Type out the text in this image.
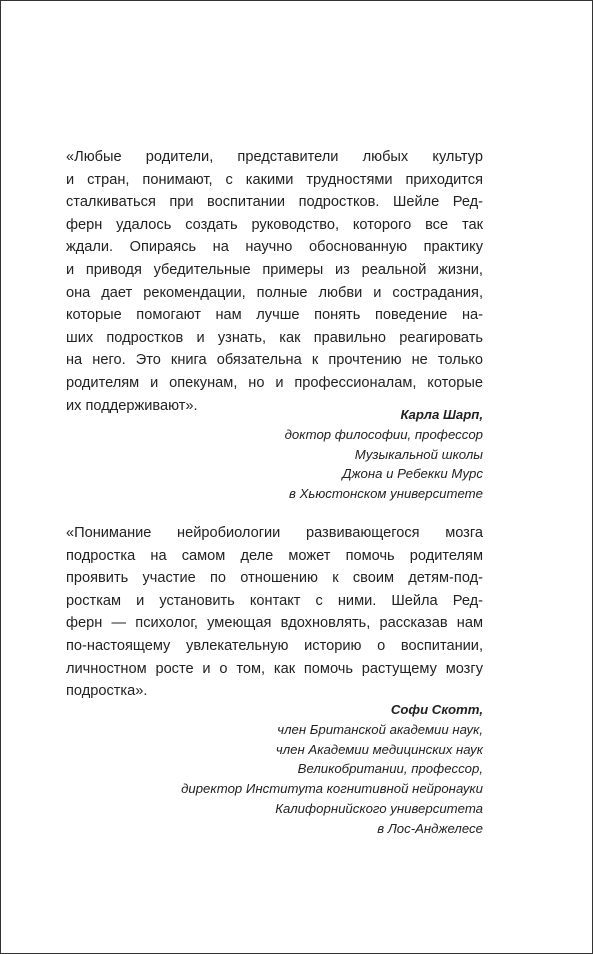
«Любые родители, представители любых культур
и стран, понимают, с какими трудностями приходится
сталкиваться при воспитании подростков. Шейле Ред-
ферн удалось создать руководство, которого все так
ждали. Опираясь на научно обоснованную практику
и приводя убедительные примеры из реальной жизни,
она дает рекомендации, полные любви и сострадания,
которые помогают нам лучше понять поведение на-
ших подростков и узнать, как правильно реагировать
на него. Это книга обязательна к прочтению не только
родителям и опекунам, но и профессионалам, которые
их поддерживают».
Карла Шарп,
доктор философии, профессор
Музыкальной школы
Джона и Ребекки Мурс
в Хьюстонском университете
«Понимание нейробиологии развивающегося мозга
подростка на самом деле может помочь родителям
проявить участие по отношению к своим детям-под-
росткам и установить контакт с ними. Шейла Ред-
ферн — психолог, умеющая вдохновлять, рассказав нам
по-настоящему увлекательную историю о воспитании,
личностном росте и о том, как помочь растущему мозгу
подростка».
Софи Скотт,
член Британской академии наук,
член Академии медицинских наук
Великобритании, профессор,
директор Института когнитивной нейронауки
Калифорнийского университета
в Лос-Анджелесе
